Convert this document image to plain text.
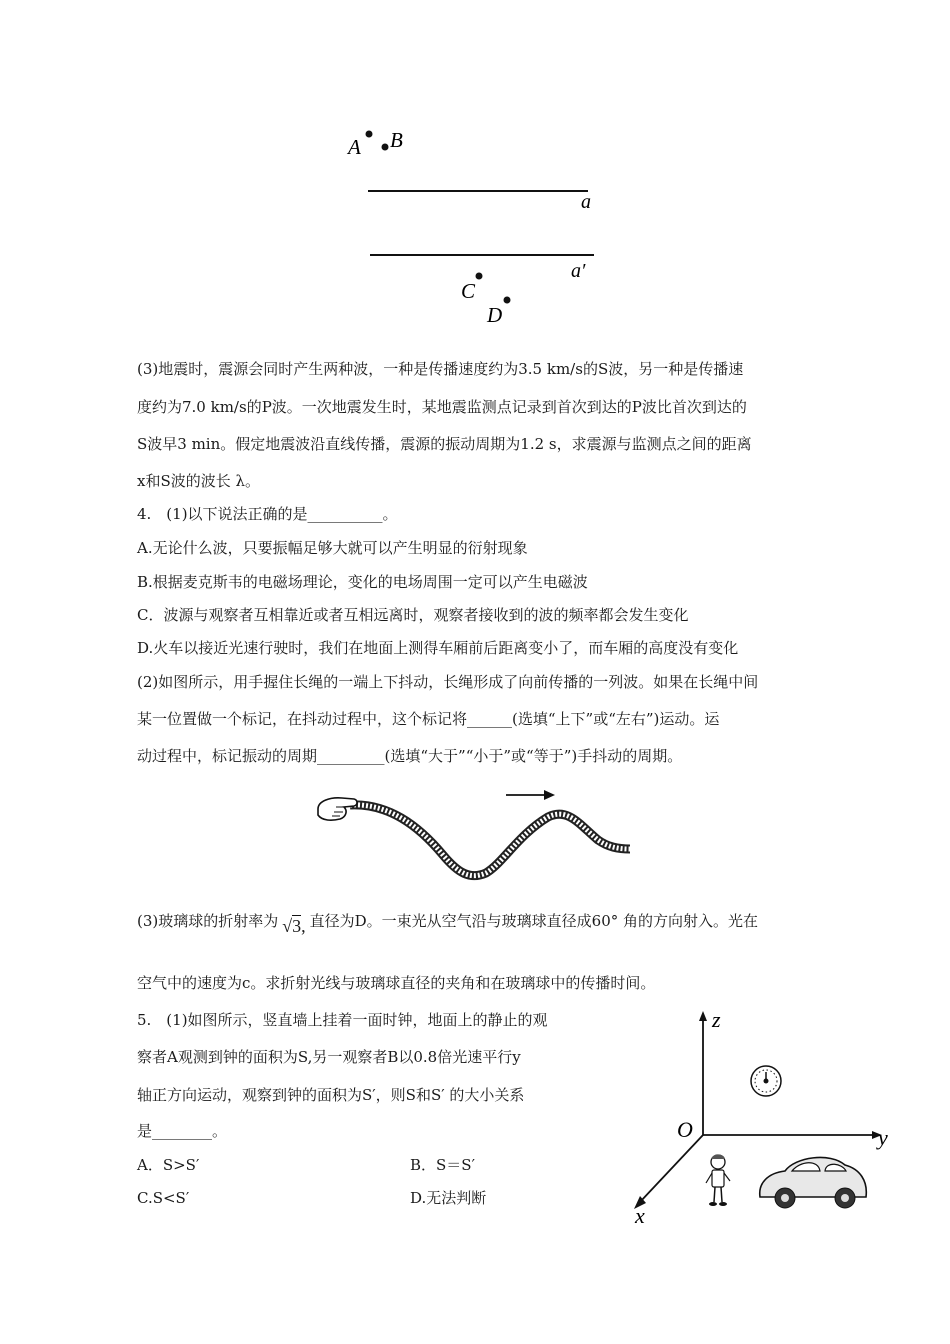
A B
a
a′
C
D
(3)地震时，震源会同时产生两种波，一种是传播速度约为3.5 km/s的S波，另一种是传播速
度约为7.0 km/s的P波。一次地震发生时，某地震监测点记录到首次到达的P波比首次到达的
S波早3 min。假定地震波沿直线传播，震源的振动周期为1.2 s，求震源与监测点之间的距离
x和S波的波长 λ。
4.　(1)以下说法正确的是__________。
A.无论什么波，只要振幅足够大就可以产生明显的衍射现象
B.根据麦克斯韦的电磁场理论，变化的电场周围一定可以产生电磁波
C．波源与观察者互相靠近或者互相远离时，观察者接收到的波的频率都会发生变化
D.火车以接近光速行驶时，我们在地面上测得车厢前后距离变小了，而车厢的高度没有变化
(2)如图所示，用手握住长绳的一端上下抖动，长绳形成了向前传播的一列波。如果在长绳中间
某一位置做一个标记，在抖动过程中，这个标记将______(选填“上下”或“左右”)运动。运
动过程中，标记振动的周期_________(选填“大于”“小于”或“等于”)手抖动的周期。
(3)玻璃球的折射率为 √3, 直径为D。一束光从空气沿与玻璃球直径成60° 角的方向射入。光在
空气中的速度为c。求折射光线与玻璃球直径的夹角和在玻璃球中的传播时间。
5.　(1)如图所示，竖直墙上挂着一面时钟，地面上的静止的观
察者A观测到钟的面积为S,另一观察者B以0.8倍光速平行y
轴正方向运动，观察到钟的面积为S′，则S和S′ 的大小关系
是________。
A．S>S′	B．S＝S′
C.S<S′	D.无法判断
z
y
x
O
